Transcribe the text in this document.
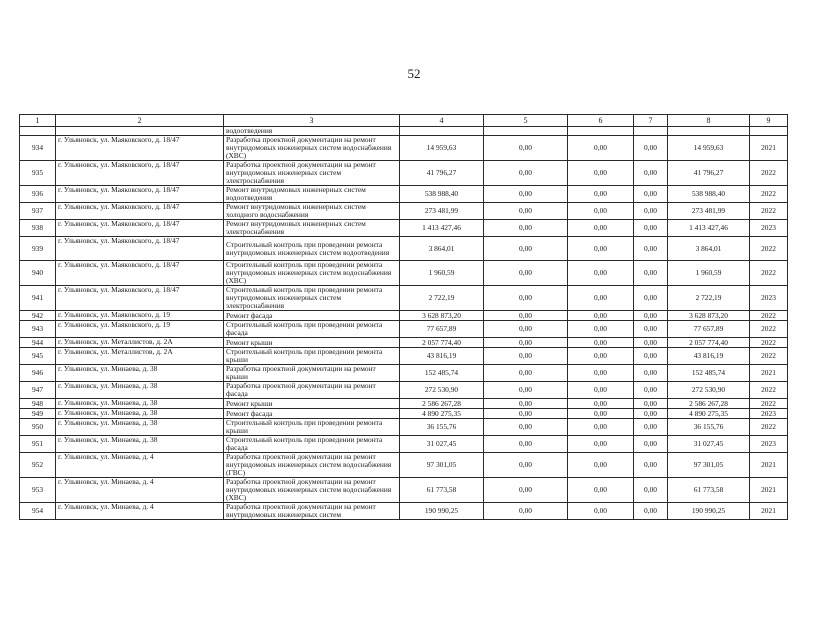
52
1	2	3	4	5	6	7	8	9
		водоотведения						
934	г. Ульяновск, ул. Маяковского, д. 18/47	Разработка проектной документации на ремонт внутридомовых инженерных систем водоснабжения (ХВС)	14 959,63	0,00	0,00	0,00	14 959,63	2021
935	г. Ульяновск, ул. Маяковского, д. 18/47	Разработка проектной документации на ремонт внутридомовых инженерных систем электроснабжения	41 796,27	0,00	0,00	0,00	41 796,27	2022
936	г. Ульяновск, ул. Маяковского, д. 18/47	Ремонт внутридомовых инженерных систем водоотведения	538 988,40	0,00	0,00	0,00	538 988,40	2022
937	г. Ульяновск, ул. Маяковского, д. 18/47	Ремонт внутридомовых инженерных систем холодного водоснабжения	273 481,99	0,00	0,00	0,00	273 481,99	2022
938	г. Ульяновск, ул. Маяковского, д. 18/47	Ремонт внутридомовых инженерных систем электроснабжения	1 413 427,46	0,00	0,00	0,00	1 413 427,46	2023
939	г. Ульяновск, ул. Маяковского, д. 18/47	Строительный контроль при проведении ремонта внутридомовых инженерных систем водоотведения	3 864,01	0,00	0,00	0,00	3 864,01	2022
940	г. Ульяновск, ул. Маяковского, д. 18/47	Строительный контроль при проведении ремонта внутридомовых инженерных систем водоснабжения (ХВС)	1 960,59	0,00	0,00	0,00	1 960,59	2022
941	г. Ульяновск, ул. Маяковского, д. 18/47	Строительный контроль при проведении ремонта внутридомовых инженерных систем электроснабжения	2 722,19	0,00	0,00	0,00	2 722,19	2023
942	г. Ульяновск, ул. Маяковского, д. 19	Ремонт фасада	3 628 873,20	0,00	0,00	0,00	3 628 873,20	2022
943	г. Ульяновск, ул. Маяковского, д. 19	Строительный контроль при проведении ремонта фасада	77 657,89	0,00	0,00	0,00	77 657,89	2022
944	г. Ульяновск, ул. Металлистов, д. 2А	Ремонт крыши	2 057 774,40	0,00	0,00	0,00	2 057 774,40	2022
945	г. Ульяновск, ул. Металлистов, д. 2А	Строительный контроль при проведении ремонта крыши	43 816,19	0,00	0,00	0,00	43 816,19	2022
946	г. Ульяновск, ул. Минаева, д. 38	Разработка проектной документации на ремонт крыши	152 485,74	0,00	0,00	0,00	152 485,74	2021
947	г. Ульяновск, ул. Минаева, д. 38	Разработка проектной документации на ремонт фасада	272 530,90	0,00	0,00	0,00	272 530,90	2022
948	г. Ульяновск, ул. Минаева, д. 38	Ремонт крыши	2 586 267,28	0,00	0,00	0,00	2 586 267,28	2022
949	г. Ульяновск, ул. Минаева, д. 38	Ремонт фасада	4 890 275,35	0,00	0,00	0,00	4 890 275,35	2023
950	г. Ульяновск, ул. Минаева, д. 38	Строительный контроль при проведении ремонта крыши	36 155,76	0,00	0,00	0,00	36 155,76	2022
951	г. Ульяновск, ул. Минаева, д. 38	Строительный контроль при проведении ремонта фасада	31 027,45	0,00	0,00	0,00	31 027,45	2023
952	г. Ульяновск, ул. Минаева, д. 4	Разработка проектной документации на ремонт внутридомовых инженерных систем водоснабжения (ГВС)	97 301,05	0,00	0,00	0,00	97 301,05	2021
953	г. Ульяновск, ул. Минаева, д. 4	Разработка проектной документации на ремонт внутридомовых инженерных систем водоснабжения (ХВС)	61 773,58	0,00	0,00	0,00	61 773,58	2021
954	г. Ульяновск, ул. Минаева, д. 4	Разработка проектной документации на ремонт внутридомовых инженерных систем	190 990,25	0,00	0,00	0,00	190 990,25	2021
